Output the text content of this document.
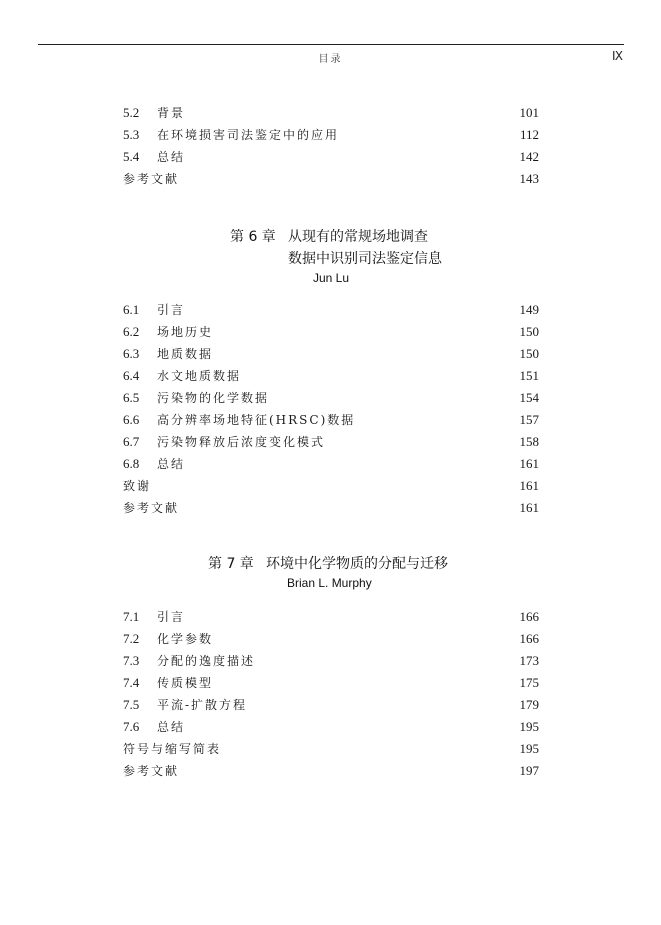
目录	Ⅸ
5.2 背景	101
5.3 在环境损害司法鉴定中的应用	112
5.4 总结	142
参考文献	143
第 6 章 从现有的常规场地调查
数据中识别司法鉴定信息
Jun Lu
6.1 引言	149
6.2 场地历史	150
6.3 地质数据	150
6.4 水文地质数据	151
6.5 污染物的化学数据	154
6.6 高分辨率场地特征(HRSC)数据	157
6.7 污染物释放后浓度变化模式	158
6.8 总结	161
致谢	161
参考文献	161
第 7 章 环境中化学物质的分配与迁移
Brian L. Murphy
7.1 引言	166
7.2 化学参数	166
7.3 分配的逸度描述	173
7.4 传质模型	175
7.5 平流-扩散方程	179
7.6 总结	195
符号与缩写简表	195
参考文献	197
